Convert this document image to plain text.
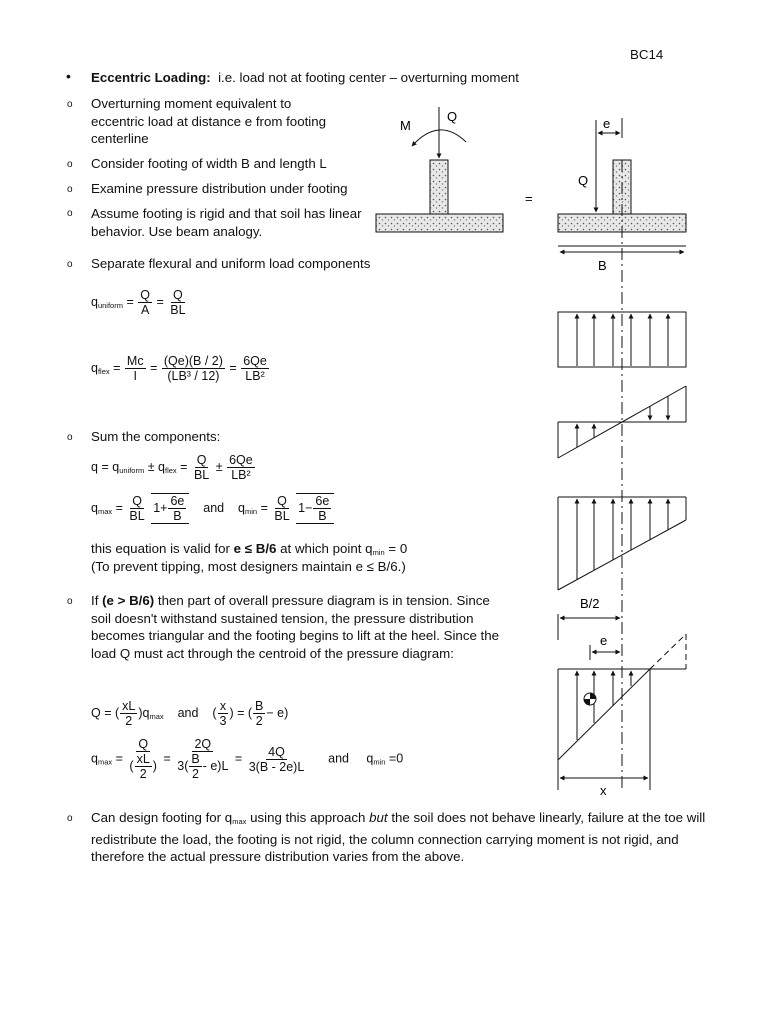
BC14
• Eccentric Loading: i.e. load not at footing center – overturning moment
o Overturning moment equivalent to eccentric load at distance e from footing centerline
o Consider footing of width B and length L
o Examine pressure distribution under footing
o Assume footing is rigid and that soil has linear behavior. Use beam analogy.
o Separate flexural and uniform load components
$q_{uniform} = \frac{Q}{A} = \frac{Q}{BL}$
$q_{flex} = \frac{Mc}{I} = \frac{(Qe)(B / 2)}{\text{(LB³ / 12)}} = \frac{6Qe}{\text{LB²}}$
o Sum the components:
$q = q_{uniform} \pm q_{flex} = \frac{Q}{BL} \pm \frac{6Qe}{\text{LB²}}$
$q_{max} = \frac{Q}{BL} 1+ \frac{6e}{B}$ and $q_{min} = \frac{Q}{BL} 1- \frac{6e}{B}$
this equation is valid for e ≤ B/6 at which point $q_{min} = 0$
(To prevent tipping, most designers maintain e ≤ B/6.)
o If (e > B/6) then part of overall pressure diagram is in tension. Since soil doesn't withstand sustained tension, the pressure distribution becomes triangular and the footing begins to lift at the heel. Since the load Q must act through the centroid of the pressure diagram:
Q = ( $\frac{xL}{2} )q_{max}$ and    ( $\frac{x}{3}$ ) = ( $\frac{B}{2} - e$)
$q_{max} = \frac{Q}{( \frac{xL}{2} )} = \frac{2Q}{3( \frac{B}{2} - e)L} = \frac{4Q}{3(B - 2e)L}$ and $q_{min} =0$
o Can design footing for $q_{max}$ using this approach but the soil does not behave linearly, failure at the toe will redistribute the load, the footing is not rigid, the column connection carrying moment is not rigid, and therefore the actual pressure distribution varies from the above.
M
Q
=
e
Q
B
B/2
e
x
